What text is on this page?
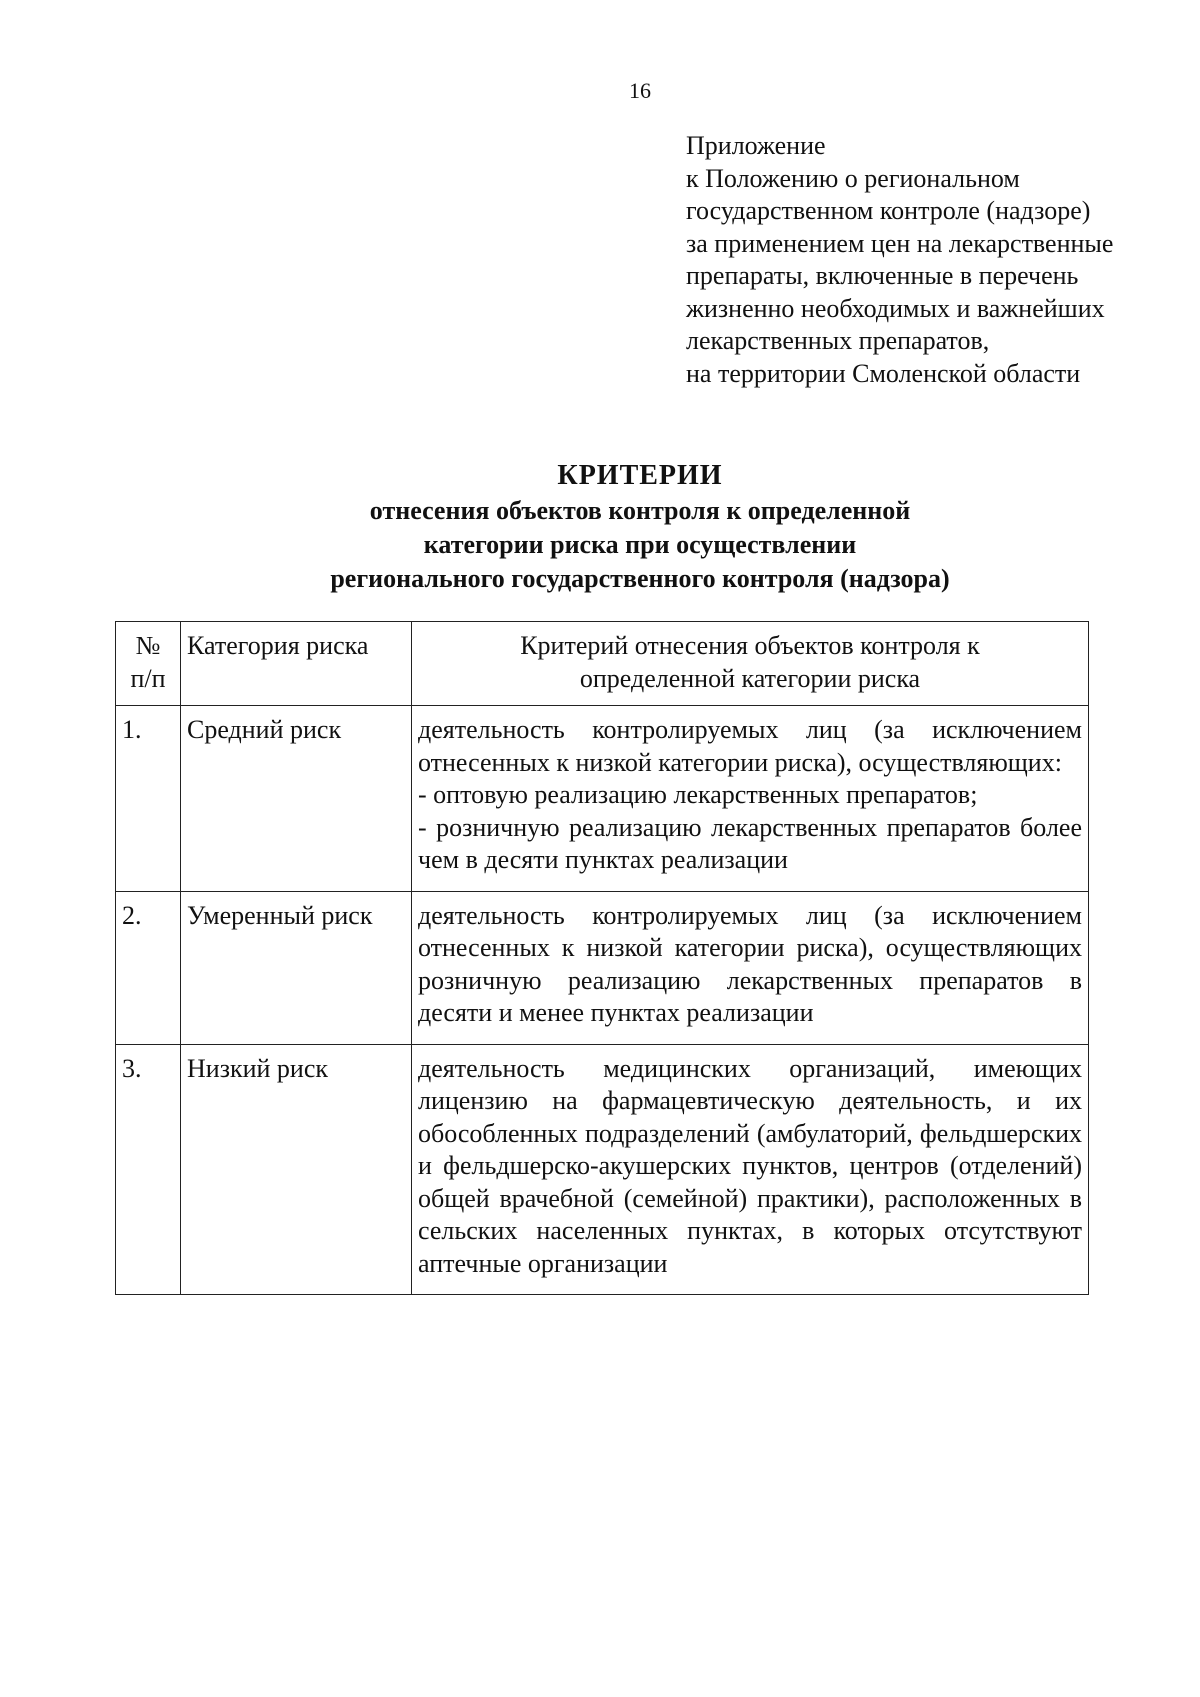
16
Приложение
к Положению о региональном
государственном контроле (надзоре)
за применением цен на лекарственные
препараты, включенные в перечень
жизненно необходимых и важнейших
лекарственных препаратов,
на территории Смоленской области
КРИТЕРИИ
отнесения объектов контроля к определенной
категории риска при осуществлении
регионального государственного контроля (надзора)
№
п/п	Категория риска	Критерий отнесения объектов контроля к
определенной категории риска

1.	Средний риск	деятельность контролируемых лиц (за исключением отнесенных к низкой категории риска), осуществляющих:
- оптовую реализацию лекарственных препаратов;
- розничную реализацию лекарственных препаратов более чем в десяти пунктах реализации

2.	Умеренный риск	деятельность контролируемых лиц (за исключением отнесенных к низкой категории риска), осуществляющих розничную реализацию лекарственных препаратов в десяти и менее пунктах реализации

3.	Низкий риск	деятельность медицинских организаций, имеющих лицензию на фармацевтическую деятельность, и их обособленных подразделений (амбулаторий, фельдшерских и фельдшерско-акушерских пунктов, центров (отделений) общей врачебной (семейной) практики), расположенных в сельских населенных пунктах, в которых отсутствуют аптечные организации
